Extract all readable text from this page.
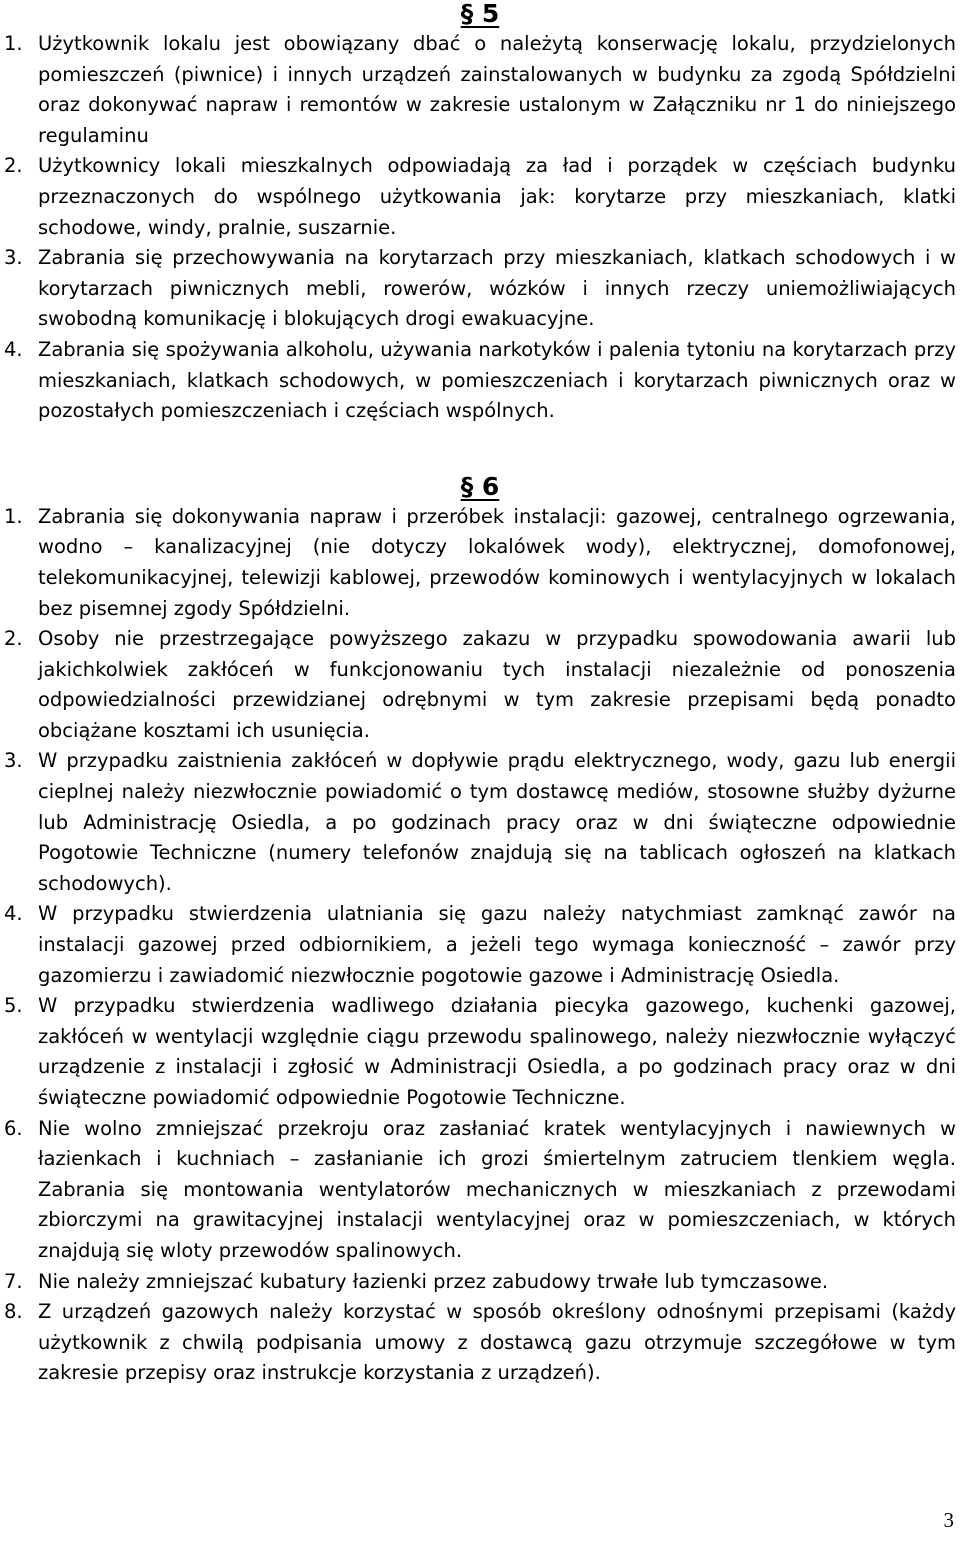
§ 5
1. Użytkownik lokalu jest obowiązany dbać o należytą konserwację lokalu, przydzielonych pomieszczeń (piwnice) i innych urządzeń zainstalowanych w budynku za zgodą Spółdzielni oraz dokonywać napraw i remontów w zakresie ustalonym w Załączniku nr 1 do niniejszego regulaminu
2. Użytkownicy lokali mieszkalnych odpowiadają za ład i porządek w częściach budynku przeznaczonych do wspólnego użytkowania jak: korytarze przy mieszkaniach, klatki schodowe, windy, pralnie, suszarnie.
3. Zabrania się przechowywania na korytarzach przy mieszkaniach, klatkach schodowych i w korytarzach piwnicznych mebli, rowerów, wózków i innych rzeczy uniemożliwiających swobodną komunikację i blokujących drogi ewakuacyjne.
4. Zabrania się spożywania alkoholu, używania narkotyków i palenia tytoniu na korytarzach przy mieszkaniach, klatkach schodowych, w pomieszczeniach i korytarzach piwnicznych oraz w pozostałych pomieszczeniach i częściach wspólnych.
§ 6
1. Zabrania się dokonywania napraw i przeróbek instalacji: gazowej, centralnego ogrzewania, wodno – kanalizacyjnej (nie dotyczy lokalówek wody), elektrycznej, domofonowej, telekomunikacyjnej, telewizji kablowej, przewodów kominowych i wentylacyjnych w lokalach bez pisemnej zgody Spółdzielni.
2. Osoby nie przestrzegające powyższego zakazu w przypadku spowodowania awarii lub jakichkolwiek zakłóceń w funkcjonowaniu tych instalacji niezależnie od ponoszenia odpowiedzialności przewidzianej odrębnymi w tym zakresie przepisami będą ponadto obciążane kosztami ich usunięcia.
3. W przypadku zaistnienia zakłóceń w dopływie prądu elektrycznego, wody, gazu lub energii cieplnej należy niezwłocznie powiadomić o tym dostawcę mediów, stosowne służby dyżurne lub Administrację Osiedla, a po godzinach pracy oraz w dni świąteczne odpowiednie Pogotowie Techniczne (numery telefonów znajdują się na tablicach ogłoszeń na klatkach schodowych).
4. W przypadku stwierdzenia ulatniania się gazu należy natychmiast zamknąć zawór na instalacji gazowej przed odbiornikiem, a jeżeli tego wymaga konieczność – zawór przy gazomierzu i zawiadomić niezwłocznie pogotowie gazowe i Administrację Osiedla.
5. W przypadku stwierdzenia wadliwego działania piecyka gazowego, kuchenki gazowej, zakłóceń w wentylacji względnie ciągu przewodu spalinowego, należy niezwłocznie wyłączyć urządzenie z instalacji i zgłosić w Administracji Osiedla, a po godzinach pracy oraz w dni świąteczne powiadomić odpowiednie Pogotowie Techniczne.
6. Nie wolno zmniejszać przekroju oraz zasłaniać kratek wentylacyjnych i nawiewnych w łazienkach i kuchniach – zasłanianie ich grozi śmiertelnym zatruciem tlenkiem węgla. Zabrania się montowania wentylatorów mechanicznych w mieszkaniach z przewodami zbiorczymi na grawitacyjnej instalacji wentylacyjnej oraz w pomieszczeniach, w których znajdują się wloty przewodów spalinowych.
7. Nie należy zmniejszać kubatury łazienki przez zabudowy trwałe lub tymczasowe.
8. Z urządzeń gazowych należy korzystać w sposób określony odnośnymi przepisami (każdy użytkownik z chwilą podpisania umowy z dostawcą gazu otrzymuje szczegółowe w tym zakresie przepisy oraz instrukcje korzystania z urządzeń).
3
